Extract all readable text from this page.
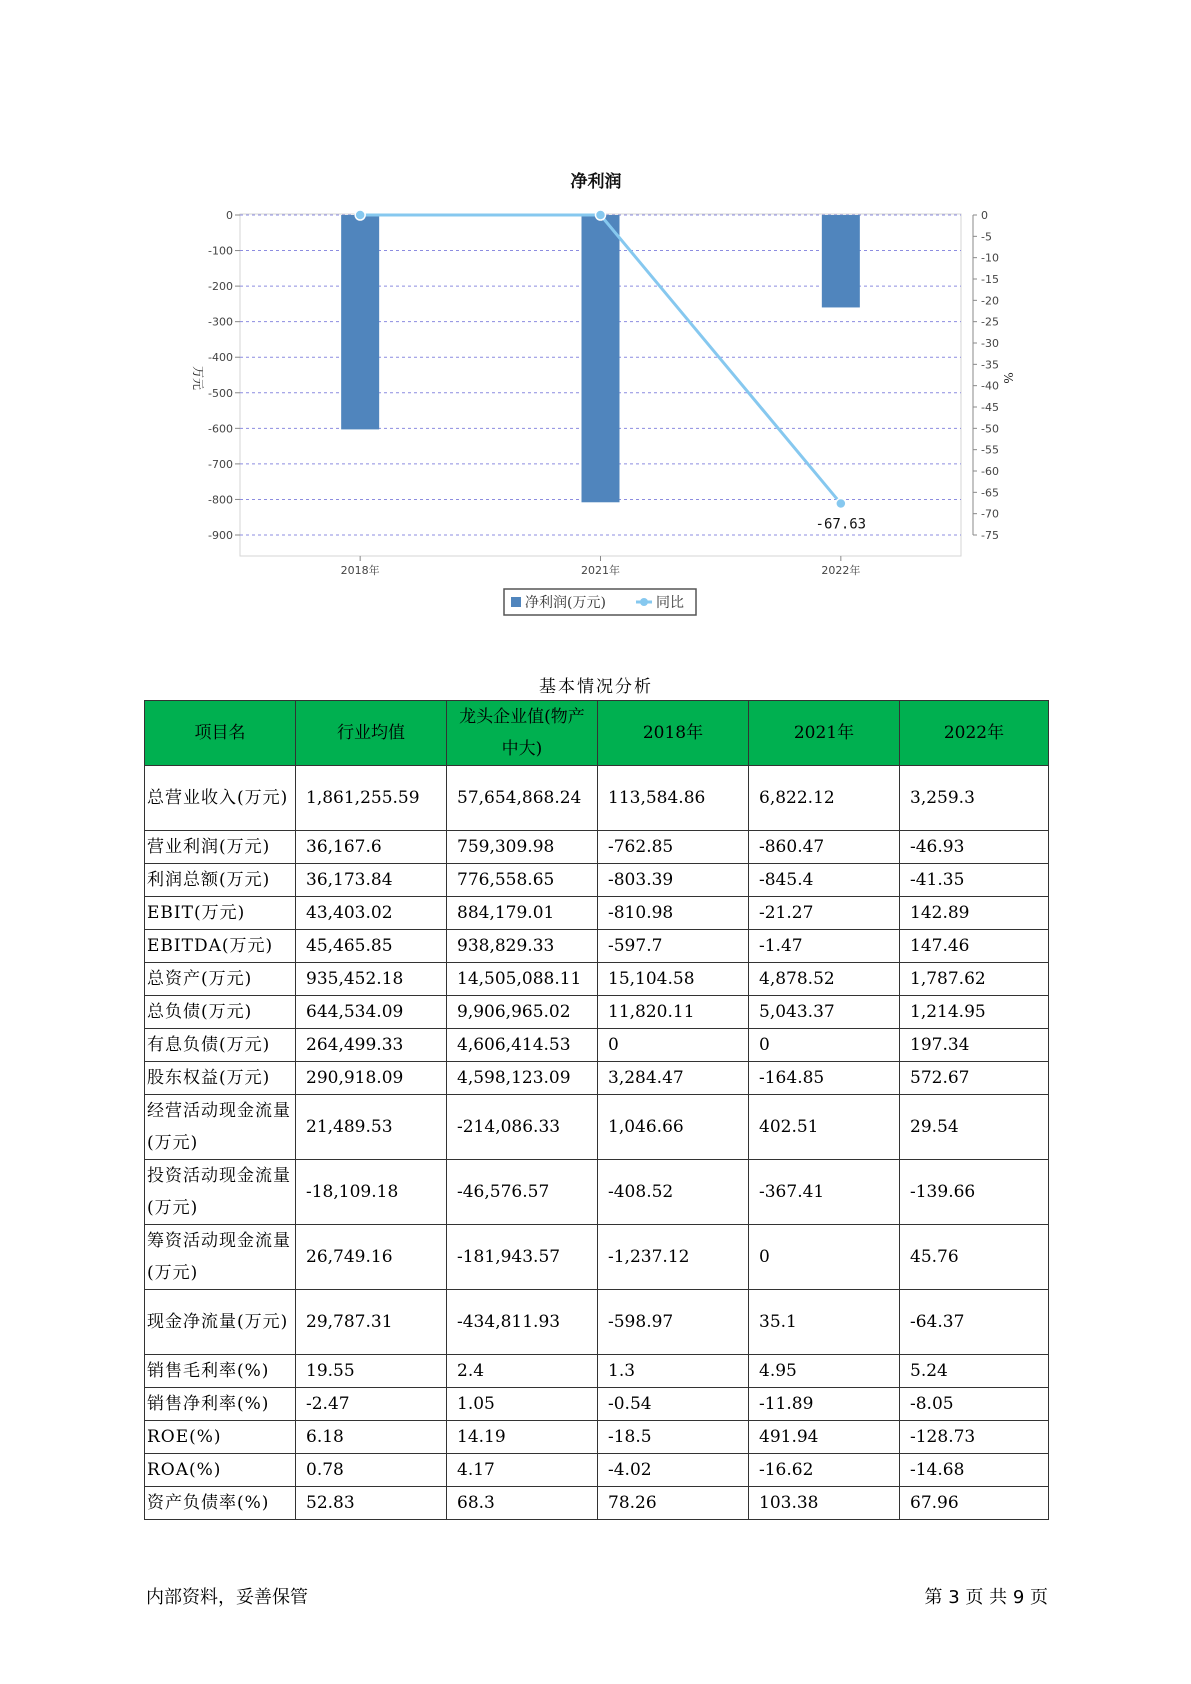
净利润
0
-100
-200
-300
-400
-500
-600
-700
-800
-900
0
-5
-10
-15
-20
-25
-30
-35
-40
-45
-50
-55
-60
-65
-70
-75
万元	%
2018年	2021年	2022年
-67.63
净利润(万元)	同比
基本情况分析
项目名	行业均值	龙头企业值(物产中大)	2018年	2021年	2022年
总营业收入(万元)	1,861,255.59	57,654,868.24	113,584.86	6,822.12	3,259.3
营业利润(万元)	36,167.6	759,309.98	-762.85	-860.47	-46.93
利润总额(万元)	36,173.84	776,558.65	-803.39	-845.4	-41.35
EBIT(万元)	43,403.02	884,179.01	-810.98	-21.27	142.89
EBITDA(万元)	45,465.85	938,829.33	-597.7	-1.47	147.46
总资产(万元)	935,452.18	14,505,088.11	15,104.58	4,878.52	1,787.62
总负债(万元)	644,534.09	9,906,965.02	11,820.11	5,043.37	1,214.95
有息负债(万元)	264,499.33	4,606,414.53	0	0	197.34
股东权益(万元)	290,918.09	4,598,123.09	3,284.47	-164.85	572.67
经营活动现金流量(万元)	21,489.53	-214,086.33	1,046.66	402.51	29.54
投资活动现金流量(万元)	-18,109.18	-46,576.57	-408.52	-367.41	-139.66
筹资活动现金流量(万元)	26,749.16	-181,943.57	-1,237.12	0	45.76
现金净流量(万元)	29,787.31	-434,811.93	-598.97	35.1	-64.37
销售毛利率(%)	19.55	2.4	1.3	4.95	5.24
销售净利率(%)	-2.47	1.05	-0.54	-11.89	-8.05
ROE(%)	6.18	14.19	-18.5	491.94	-128.73
ROA(%)	0.78	4.17	-4.02	-16.62	-14.68
资产负债率(%)	52.83	68.3	78.26	103.38	67.96
内部资料，妥善保管	第 3 页 共 9 页
